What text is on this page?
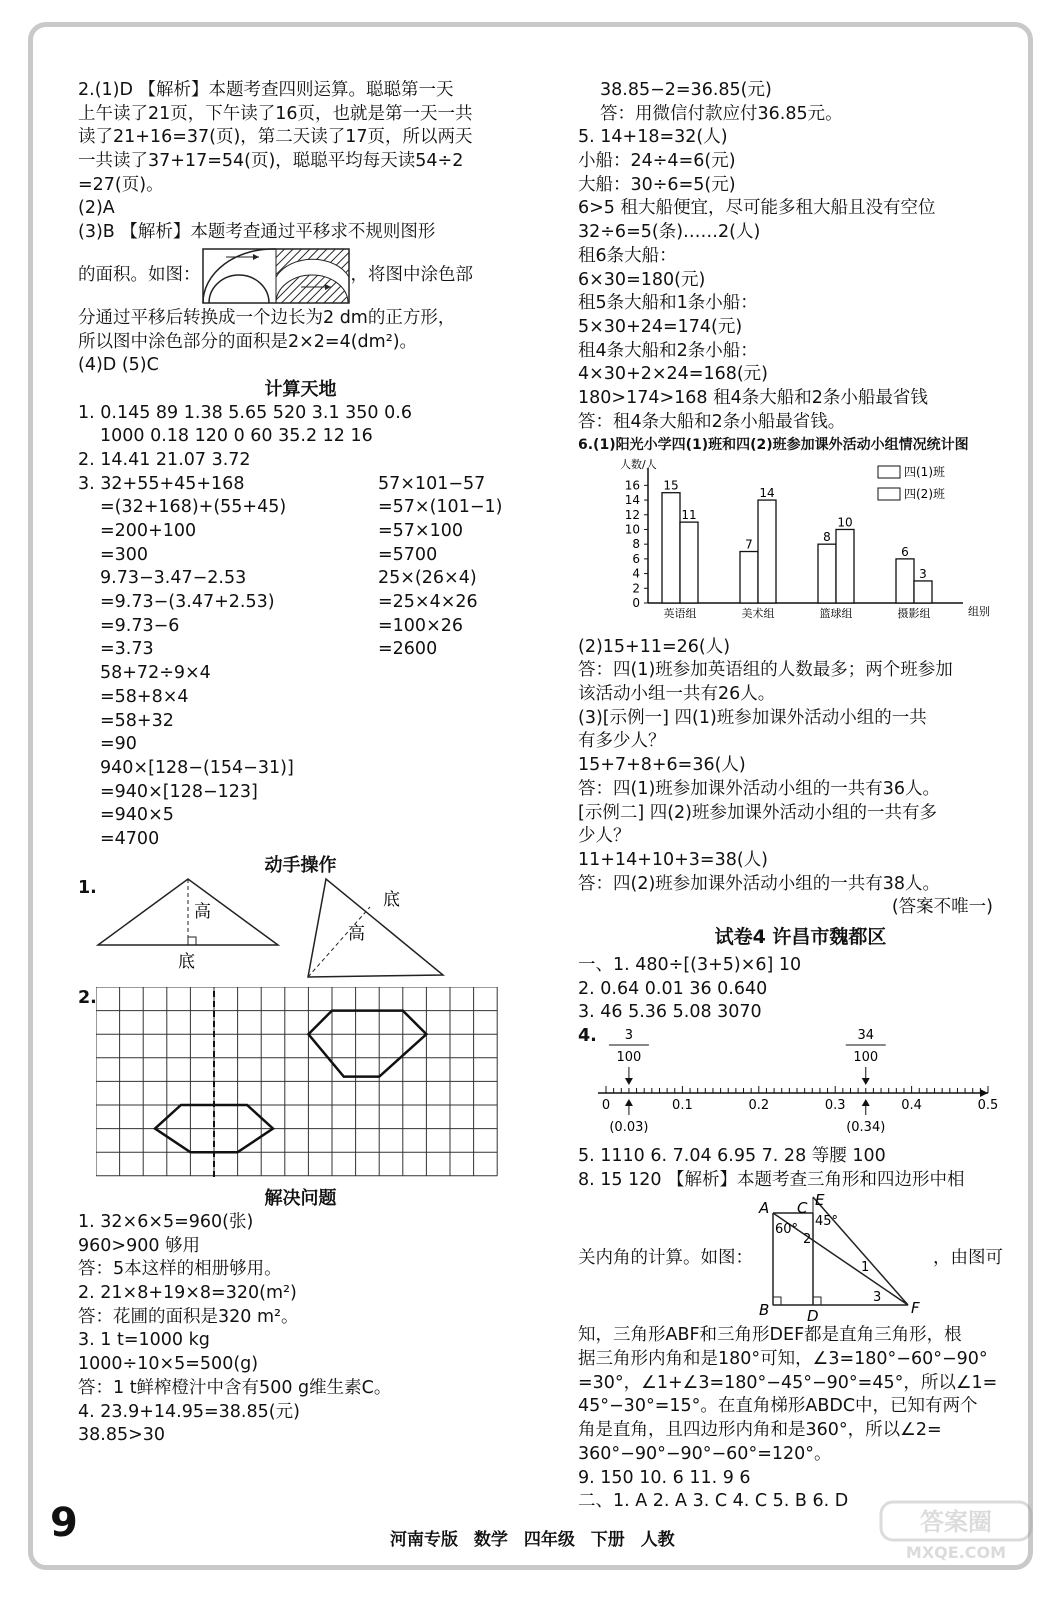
2.(1)D 【解析】本题考查四则运算。聪聪第一天
上午读了21页，下午读了16页，也就是第一天一共
读了21+16=37(页)，第二天读了17页，所以两天
一共读了37+17=54(页)，聪聪平均每天读54÷2
=27(页)。
(2)A
(3)B 【解析】本题考查通过平移求不规则图形
的面积。如图：	，将图中涂色部
分通过平移后转换成一个边长为2 dm的正方形，
所以图中涂色部分的面积是2×2=4(dm²)。
(4)D (5)C
计算天地
1. 0.145 89 1.38 5.65 520 3.1 350 0.6
1000 0.18 120 0 60 35.2 12 16
2. 14.41 21.07 3.72
3. 32+55+45+168	57×101−57
=(32+168)+(55+45)	=57×(101−1)
=200+100	=57×100
=300	=5700
9.73−3.47−2.53	25×(26×4)
=9.73−(3.47+2.53)	=25×4×26
=9.73−6	=100×26
=3.73	=2600
58+72÷9×4
=58+8×4
=58+32
=90
940×[128−(154−31)]
=940×[128−123]
=940×5
=4700
动手操作
1.
高
底
高
底
2.
解决问题
1. 32×6×5=960(张)
960>900 够用
答：5本这样的相册够用。
2. 21×8+19×8=320(m²)
答：花圃的面积是320 m²。
3. 1 t=1000 kg
1000÷10×5=500(g)
答：1 t鲜榨橙汁中含有500 g维生素C。
4. 23.9+14.95=38.85(元)
38.85>30
38.85−2=36.85(元)
答：用微信付款应付36.85元。
5. 14+18=32(人)
小船：24÷4=6(元)
大船：30÷6=5(元)
6>5 租大船便宜，尽可能多租大船且没有空位
32÷6=5(条)……2(人)
租6条大船：
6×30=180(元)
租5条大船和1条小船：
5×30+24=174(元)
租4条大船和2条小船：
4×30+2×24=168(元)
180>174>168 租4条大船和2条小船最省钱
答：租4条大船和2条小船最省钱。
6.(1)阳光小学四(1)班和四(2)班参加课外活动小组情况统计图
人数/人
组别
0
2
4
6
8
10
12
14
16 15
11
英语组
7
14
美术组
8
10
篮球组
6
3
摄影组
四(1)班
四(2)班
(2)15+11=26(人)
答：四(1)班参加英语组的人数最多；两个班参加
该活动小组一共有26人。
(3)[示例一] 四(1)班参加课外活动小组的一共
有多少人？
15+7+8+6=36(人)
答：四(1)班参加课外活动小组的一共有36人。
[示例二] 四(2)班参加课外活动小组的一共有多
少人？
11+14+10+3=38(人)
答：四(2)班参加课外活动小组的一共有38人。
(答案不唯一)
试卷4 许昌市魏都区
一、1. 480÷[(3+5)×6] 10
2. 0.64 0.01 36 0.640
3. 46 5.36 5.08 3070
4.
0	0.1	0.2	0.3	0.4	0.5
3
100
(0.03)
34
100
(0.34)
5. 1110 6. 7.04 6.95 7. 28 等腰 100
8. 15 120 【解析】本题考查三角形和四边形中相
关内角的计算。如图：
A
B
C
D
E
F
60°
45°
1
2
3
，由图可
知，三角形ABF和三角形DEF都是直角三角形，根
据三角形内角和是180°可知，∠3=180°−60°−90°
=30°，∠1+∠3=180°−45°−90°=45°，所以∠1=
45°−30°=15°。在直角梯形ABDC中，已知有两个
角是直角，且四边形内角和是360°，所以∠2=
360°−90°−90°−60°=120°。
9. 150 10. 6 11. 9 6
二、1. A 2. A 3. C 4. C 5. B 6. D
9	河南专版 数学 四年级 下册 人教
答案圈
MXQE.COM
